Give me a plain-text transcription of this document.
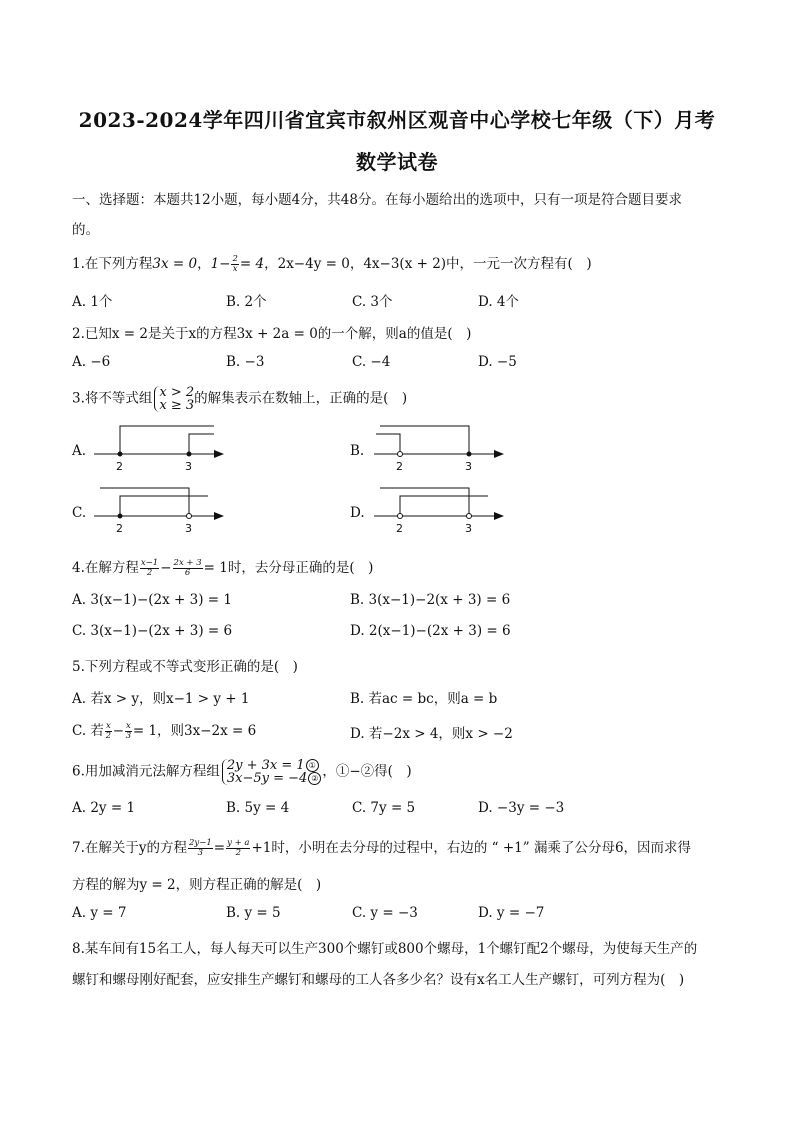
2023-2024学年四川省宜宾市叙州区观音中心学校七年级（下）月考
数学试卷
一、选择题：本题共12小题，每小题4分，共48分。在每小题给出的选项中，只有一项是符合题目要求
的。
1.在下列方程3x = 0，$1- \frac{2}{x} = 4$，2x−4y = 0，4x−3(x + 2)中，一元一次方程有(　)
A. 1个	B. 2个	C. 3个	D. 4个
2.已知x = 2是关于x的方程3x + 2a = 0的一个解，则a的值是(　)
A. −6	B. −3	C. −4	D. −5
3.将不等式组 x > 2
x ≥ 3 的解集表示在数轴上，正确的是(　)
A.	B.
C.	D.
2	3	2	3
2	3	2	3
4.在解方程 $\frac{x-1}{2} - \frac{2x + 3}{6} = 1$时，去分母正确的是(　)
A. 3(x−1)−(2x + 3) = 1	B. 3(x−1)−2(x + 3) = 6
C. 3(x−1)−(2x + 3) = 6	D. 2(x−1)−(2x + 3) = 6
5.下列方程或不等式变形正确的是(　)
A. 若x > y，则x−1 > y + 1	B. 若ac = bc，则a = b
C. 若 $\frac{x}{2} - \frac{x}{3} = 1$，则3x−2x = 6	D. 若−2x > 4，则x > −2
6.用加减消元法解方程组 2y + 3x = 1 ①
3x−5y = −4 ② ，①−②得(　)
A. 2y = 1	B. 5y = 4	C. 7y = 5	D. −3y = −3
7.在解关于y的方程 $\frac{2y-1}{3} = \frac{y + a}{2} +1$时，小明在去分母的过程中，右边的 “ +1” 漏乘了公分母6，因而求得
方程的解为y = 2，则方程正确的解是(　)
A. y = 7	B. y = 5	C. y = −3	D. y = −7
8.某车间有15名工人，每人每天可以生产300个螺钉或800个螺母，1个螺钉配2个螺母，为使每天生产的
螺钉和螺母刚好配套，应安排生产螺钉和螺母的工人各多少名？设有x名工人生产螺钉，可列方程为(　)
